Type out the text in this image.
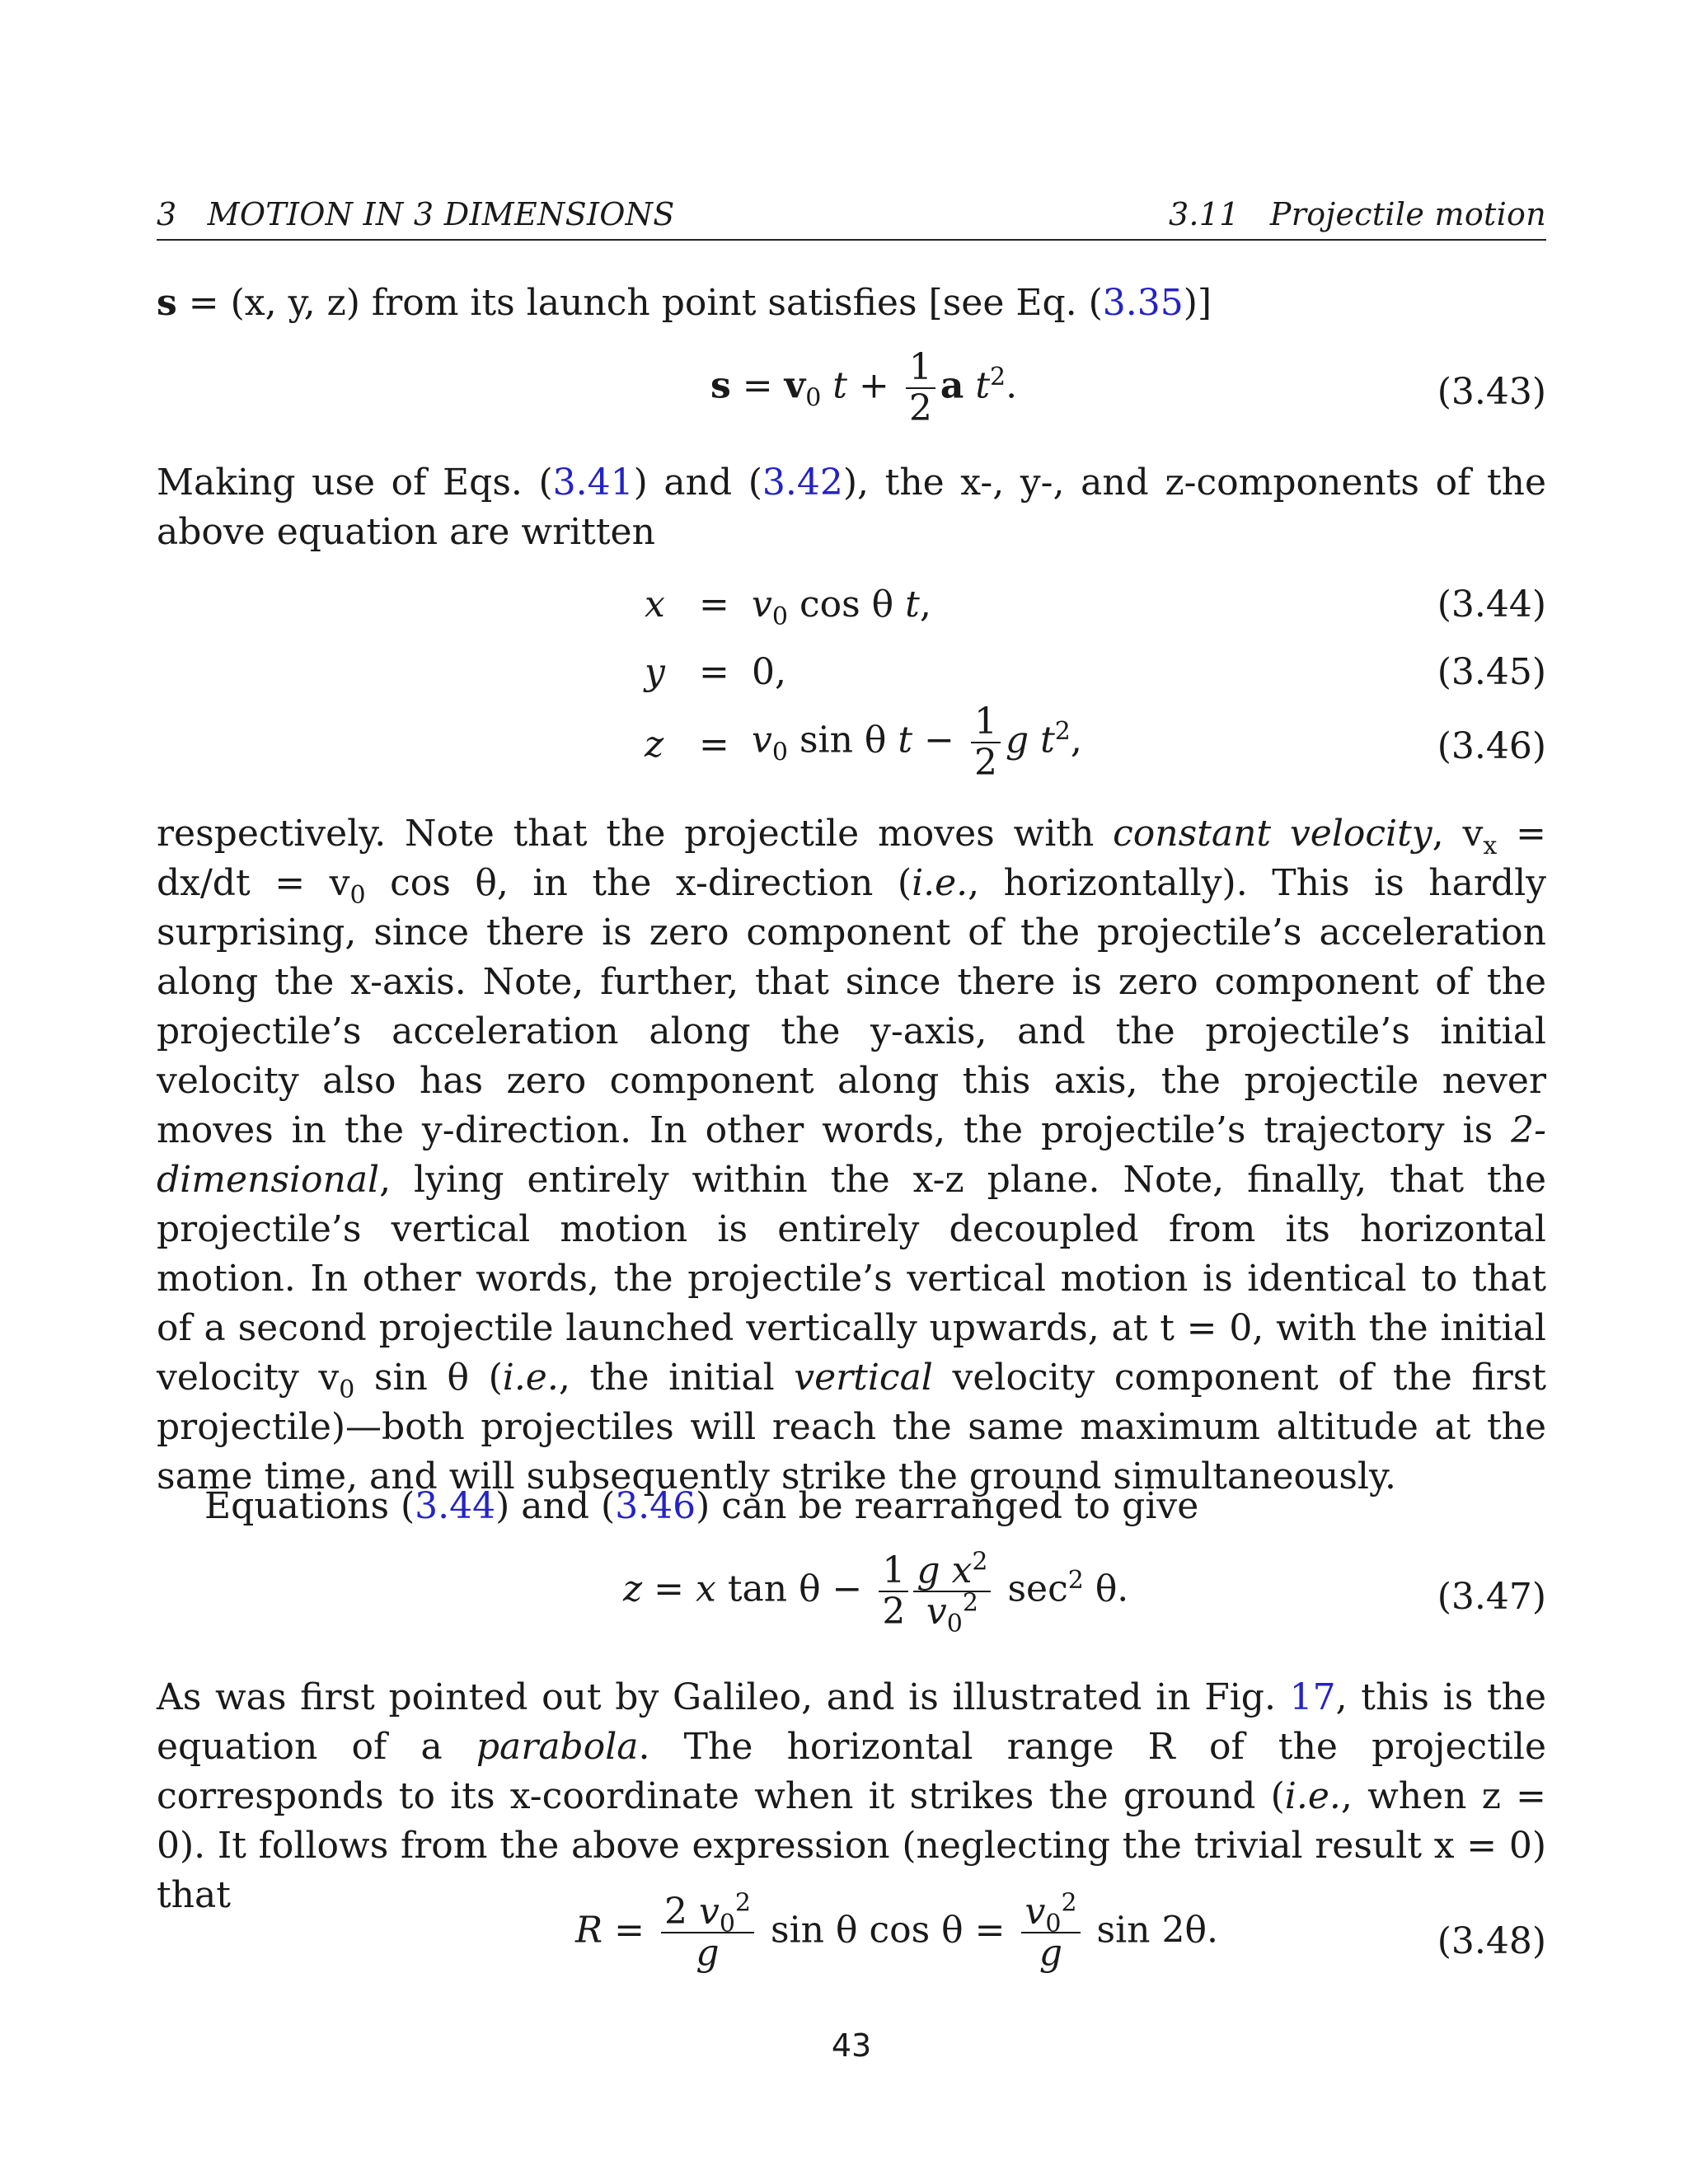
3   MOTION IN 3 DIMENSIONS	3.11   Projectile motion
s = (x, y, z) from its launch point satisfies [see Eq. (3.35)]
$s = v_0$ $t + \frac{1}{2}$ a $t^2$.	(3.43)
Making use of Eqs. (3.41) and (3.42), the x-, y-, and z-components of the above equation are written
$x = v_0$ cos θ t,	(3.44)
y = 0,	(3.45)
$z = v_0$ sin θ $t - \frac{1}{2}$ g $t^2$,	(3.46)
respectively. Note that the projectile moves with constant velocity, $v_x = dx/dt = v_0$ cos θ, in the x-direction (i.e., horizontally). This is hardly surprising, since there is zero component of the projectile’s acceleration along the x-axis. Note, further, that since there is zero component of the projectile’s acceleration along the y-axis, and the projectile’s initial velocity also has zero component along this axis, the projectile never moves in the y-direction. In other words, the projectile’s trajectory is 2-dimensional, lying entirely within the x-z plane. Note, finally, that the projectile’s vertical motion is entirely decoupled from its horizontal motion. In other words, the projectile’s vertical motion is identical to that of a second projectile launched vertically upwards, at t = 0, with the initial velocity $v_0$ sin θ (i.e., the initial vertical velocity component of the first projectile)—both projectiles will reach the same maximum altitude at the same time, and will subsequently strike the ground simultaneously.
Equations (3.44) and (3.46) can be rearranged to give
z = x $\tan \theta - \frac{1}{2} \frac{g x^2}{v_0^2} \sec^2 \theta$.	(3.47)
As was first pointed out by Galileo, and is illustrated in Fig. 17, this is the equation of a parabola. The horizontal range R of the projectile corresponds to its x-coordinate when it strikes the ground (i.e., when z = 0). It follows from the above expression (neglecting the trivial result x = 0) that
$R = \frac{2 v_0^2}{g}$ sin θ $\cos \theta = \frac{v_0^2}{g}$ sin 2θ.	(3.48)
43
